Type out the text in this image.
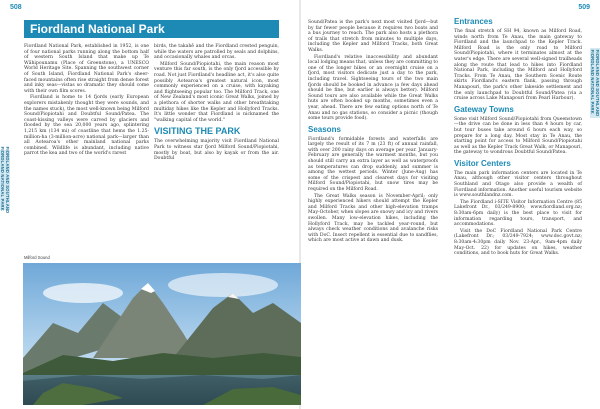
508	509
FIORDLAND AND SOUTHLAND
FIORDLAND NATIONAL PARK
FIORDLAND AND SOUTHLAND
FIORDLAND NATIONAL PARK
Fiordland National Park

Fiordland National Park, established in 1952, is one of four national parks running along the bottom half of western South Island that make up Te Wāhipounamu (Place of Greenstone), a UNESCO World Heritage Site. Spanning the southwest corner of South Island, Fiordland National Park's sheer-faced mountains often rise straight from dense forest and inky seas—vistas so dramatic they should come with their own film scores.

Fiordland is home to 14 fjords (early European explorers mistakenly thought they were sounds, and the names stuck), the most well-known being Milford Sound/Piopiotahi and Doubtful Sound/Patea. The coast-kissing valleys were carved by glaciers and flooded by the sea 20,000 years ago, splintering 1,215 km (134 mi) of coastline that hems the 1.25-million-ha (3-million-acre) national park—larger than all Aotearoa's other mainland national parks combined. Wildlife is abundant, including native parrot the kea and two of the world's rarest

birds, the takahē and the Fiordland crested penguin, while the waters are patrolled by seals and dolphins, and occasionally whales and orcas.

Milford Sound/Piopiotahi, the main reason most venture this far south, is the only fjord accessible by road. Not just Fiordland's headline act, it's also quite possibly Aotearoa's greatest natural icon, most commonly experienced on a cruise, with kayaking and flightseeing popular too. The Milford Track, one of New Zealand's most iconic Great Walks, joined by a plethora of shorter walks and other breathtaking multiday hikes like the Kepler and Hollyford Tracks. It's little wonder that Fiordland is nicknamed the "walking capital of the world."

VISITING THE PARK

The overwhelming majority visit Fiordland National Park to witness star fjord Milford Sound/Piopiotahi, mostly by boat, but also by kayak or from the air. Doubtful

Milford Sound

Sound/Patea is the park's next most visited fjord—but by far fewer people because it requires two boats and a bus journey to reach. The park also hosts a plethora of trails that stretch from minutes to multiple days, including the Kepler and Milford Tracks, both Great Walks.

Fiordland's relative inaccessibility and abundant local lodging means that, unless they are committing to one of the longer hikes or an overnight cruise on a fjord, most visitors dedicate just a day to the park, including travel. Sightseeing tours of the two main fjords should be booked in advance (a few days ahead should be fine, but earlier is always better). Milford Sound tours are also available while the Great Walks huts are often booked up months, sometimes even a year, ahead. There are few eating options north of Te Anau and no gas stations, so consider a picnic (though some tours provide food).

Seasons

Fiordland's formidable forests and waterfalls are largely the result of its 7 m (23 ft) of annual rainfall, with over 200 rainy days on average per year. January-February are generally the warmest months, but you should still carry an extra layer as well as waterproofs as temperatures can drop suddenly, and summer is among the wettest periods. Winter (June-Aug) has some of the crispest and clearest days for visiting Milford Sound/Piopiotahi, but snow tires may be required on the Milford Road.

The Great Walks season is November-April; only highly experienced hikers should attempt the Kepler and Milford Tracks and other high-elevation tramps May-October, when slopes are snowy and icy and rivers swollen. Many low-elevation hikes, including the Hollyford Track, may be tackled year-round, but always check weather conditions and avalanche risks with DoC. Insect repellent is essential due to sandflies, which are most active at dawn and dusk.

Entrances

The final stretch of SH 94, known as Milford Road, winds north from Te Anau, the main gateway to Fiordland and the launchpad to the Kepler Track. Milford Road is the only road to Milford Sound/Piopiotahi, where it terminates almost at the water's edge. There are several well-signed trailheads along the route that lead to hikes into Fiordland National Park, including the Milford and Hollyford Tracks. From Te Anau, the Southern Scenic Route skirts Fiordland's eastern flank, passing through Manapouri, the park's other lakeside settlement and the only launchpad to Doubtful Sound/Patea (via a cruise across Lake Manapouri from Pearl Harbour).

Gateway Towns

Some visit Milford Sound/Piopiotahi from Queenstown—the drive can be done in less than 4 hours by car, but tour buses take around 6 hours each way, so prepare for a long day. Most stay in Te Anau, the starting point for access to Milford Sound/Piopiotahi as well as the Kepler Track Great Walk, or Manapouri, the gateway to wondrous Doubtful Sound/Patea.

Visitor Centers

The main park information centers are located in Te Anau, although other visitor centers throughout Southland and Otago also provide a wealth of Fiordland information. Another useful tourism website is www.southlandnz.com.

The Fiordland i-SITE Visitor Information Centre (85 Lakefront Dr., 03/249-8900; www.fiordland.org.nz; 8:30am-6pm daily) is the best place to visit for information regarding tours, transport, and accommodations.

Visit the DoC Fiordland National Park Centre (Lakefront Dr.; 03/249-7924; www.doc.govt.nz; 8:30am-4:30pm daily Nov. 23-Apr., 9am-4pm daily May-Oct. 22) for updates on hikes, weather conditions, and to book huts for Great Walks.
